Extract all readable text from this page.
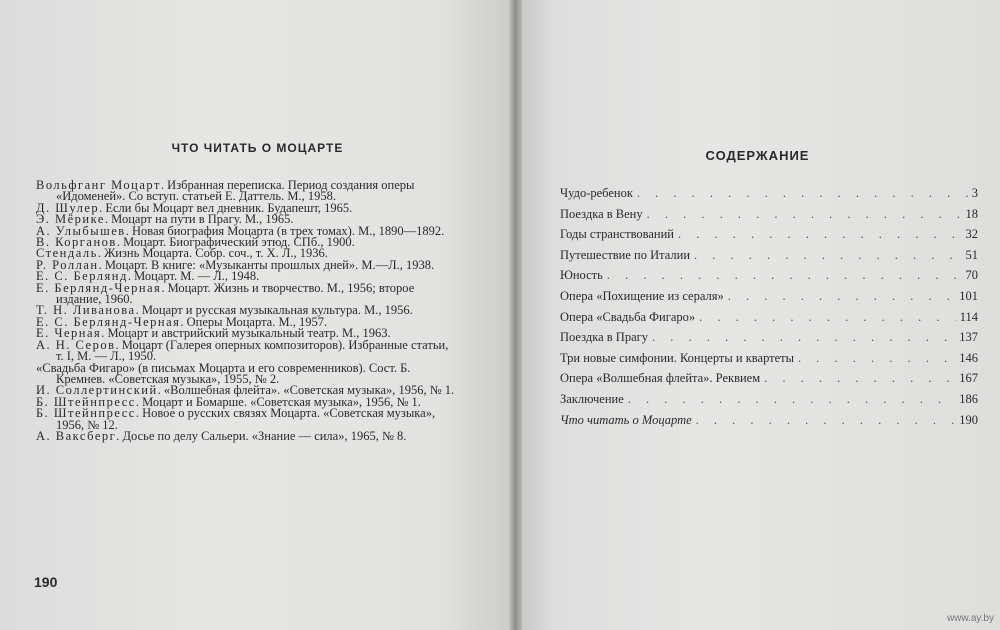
ЧТО ЧИТАТЬ О МОЦАРТЕ

Вольфганг Моцарт. Избранная переписка. Период создания оперы «Идоменей». Со вступ. статьей Е. Даттель. М., 1958.

Д. Шулер. Если бы Моцарт вел дневник. Будапешт, 1965.

Э. Мёрике. Моцарт на пути в Прагу. М., 1965.

А. Улыбышев. Новая биография Моцарта (в трех томах). М., 1890—1892.

В. Корганов. Моцарт. Биографический этюд. СПб., 1900.

Стендаль. Жизнь Моцарта. Собр. соч., т. X. Л., 1936.

Р. Роллан. Моцарт. В книге: «Музыканты прошлых дней». М.—Л., 1938.

Е. С. Берлянд. Моцарт. М. — Л., 1948.

Е. Берлянд-Черная. Моцарт. Жизнь и творчество. М., 1956; второе издание, 1960.

Т. Н. Ливанова. Моцарт и русская музыкальная культура. М., 1956.

Е. С. Берлянд-Черная. Оперы Моцарта. М., 1957.

Е. Черная. Моцарт и австрийский музыкальный театр. М., 1963.

А. Н. Серов. Моцарт (Галерея оперных композиторов). Избранные статьи, т. I, М. — Л., 1950.

«Свадьба Фигаро» (в письмах Моцарта и его современников). Сост. Б. Кремнев. «Советская музыка», 1955, № 2.

И. Соллертинский. «Волшебная флейта». «Советская музыка», 1956, № 1.

Б. Штейнпресс. Моцарт и Бомарше. «Советская музыка», 1956, № 1.

Б. Штейнпресс. Новое о русских связях Моцарта. «Советская музыка», 1956, № 12.

А. Ваксберг. Досье по делу Сальери. «Знание — сила», 1965, № 8.

190
СОДЕРЖАНИЕ
Чудо-ребенок . . .	3
Поездка в Вену . . .	18
Годы странствований . . .	32
Путешествие по Италии . . .	51
Юность . . .	70
Опера «Похищение из сераля» . . .	101
Опера «Свадьба Фигаро» . . .	114
Поездка в Прагу . . .	137
Три новые симфонии. Концерты и квартеты . . .	146
Опера «Волшебная флейта». Реквием . . .	167
Заключение . . .	186
Что читать о Моцарте . . .	190
www.ay.by
